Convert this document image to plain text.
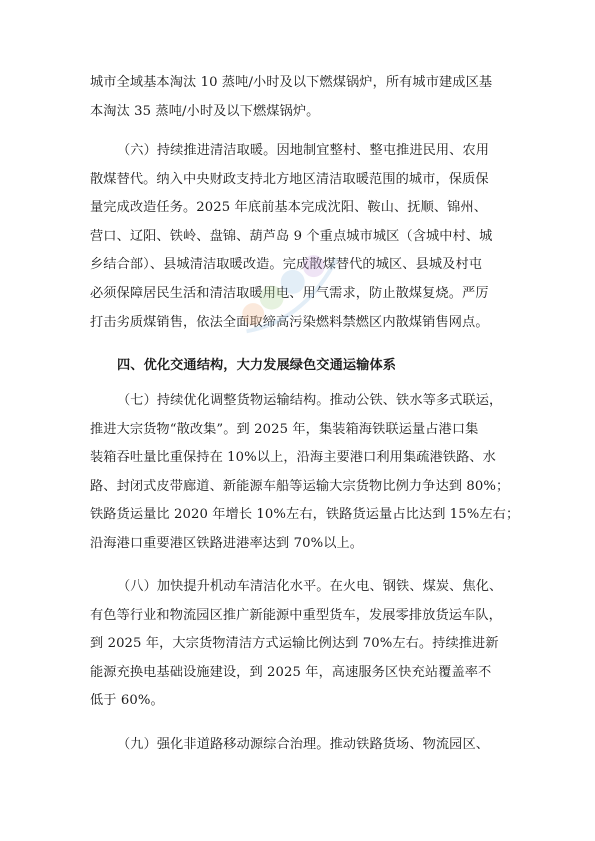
城市全域基本淘汰 10 蒸吨/小时及以下燃煤锅炉，所有城市建成区基
本淘汰 35 蒸吨/小时及以下燃煤锅炉。
（六）持续推进清洁取暖。因地制宜整村、整屯推进民用、农用
散煤替代。纳入中央财政支持北方地区清洁取暖范围的城市，保质保
量完成改造任务。2025 年底前基本完成沈阳、鞍山、抚顺、锦州、
营口、辽阳、铁岭、盘锦、葫芦岛 9 个重点城市城区（含城中村、城
乡结合部）、县城清洁取暖改造。完成散煤替代的城区、县城及村屯
必须保障居民生活和清洁取暖用电、用气需求，防止散煤复烧。严厉
打击劣质煤销售，依法全面取缔高污染燃料禁燃区内散煤销售网点。
四、优化交通结构，大力发展绿色交通运输体系
（七）持续优化调整货物运输结构。推动公铁、铁水等多式联运，
推进大宗货物“散改集”。到 2025 年，集装箱海铁联运量占港口集
装箱吞吐量比重保持在 10%以上，沿海主要港口利用集疏港铁路、水
路、封闭式皮带廊道、新能源车船等运输大宗货物比例力争达到 80%；
铁路货运量比 2020 年增长 10%左右，铁路货运量占比达到 15%左右；
沿海港口重要港区铁路进港率达到 70%以上。
（八）加快提升机动车清洁化水平。在火电、钢铁、煤炭、焦化、
有色等行业和物流园区推广新能源中重型货车，发展零排放货运车队，
到 2025 年，大宗货物清洁方式运输比例达到 70%左右。持续推进新
能源充换电基础设施建设，到 2025 年，高速服务区快充站覆盖率不
低于 60%。
（九）强化非道路移动源综合治理。推动铁路货场、物流园区、
